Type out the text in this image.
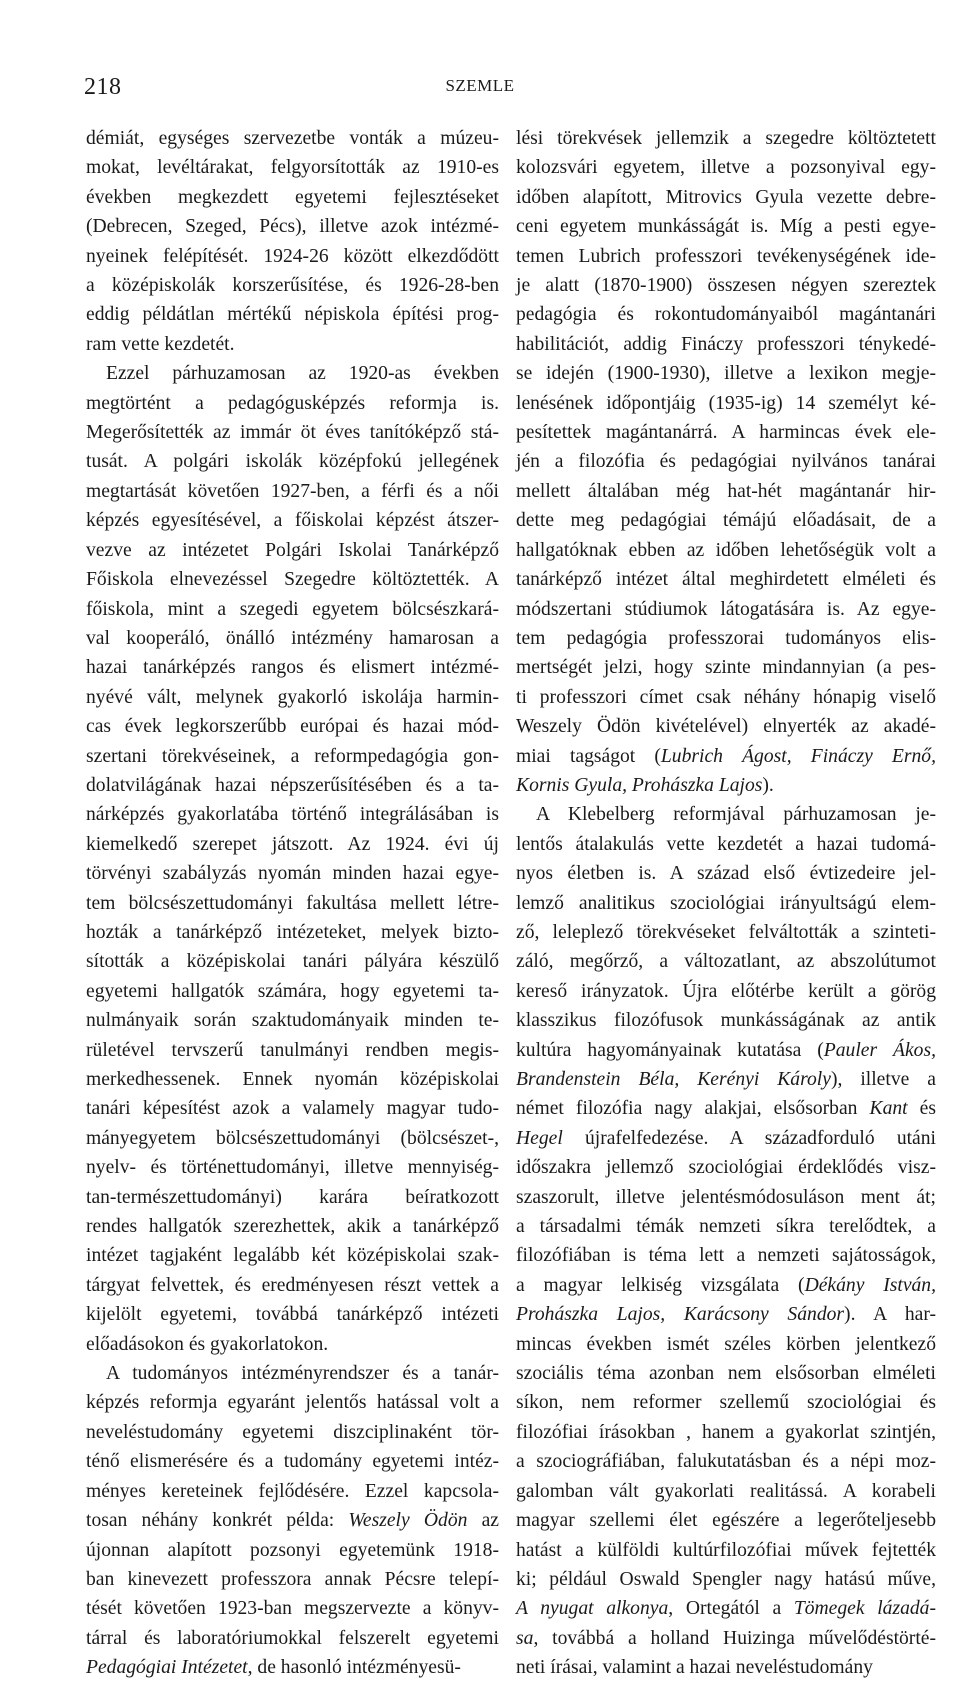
218	SZEMLE

démiát, egységes szervezetbe vonták a múzeu-
mokat, levéltárakat, felgyorsították az 1910-es
években megkezdett egyetemi fejlesztéseket
(Debrecen, Szeged, Pécs), illetve azok intézmé-
nyeinek felépítését. 1924-26 között elkezdődött
a középiskolák korszerűsítése, és 1926-28-ben
eddig példátlan mértékű népiskola építési prog-
ram vette kezdetét.

Ezzel párhuzamosan az 1920-as években
megtörtént a pedagógusképzés reformja is.
Megerősítették az immár öt éves tanítóképző stá-
tusát. A polgári iskolák középfokú jellegének
megtartását követően 1927-ben, a férfi és a női
képzés egyesítésével, a főiskolai képzést átszer-
vezve az intézetet Polgári Iskolai Tanárképző
Főiskola elnevezéssel Szegedre költöztették. A
főiskola, mint a szegedi egyetem bölcsészkará-
val kooperáló, önálló intézmény hamarosan a
hazai tanárképzés rangos és elismert intézmé-
nyévé vált, melynek gyakorló iskolája harmin-
cas évek legkorszerűbb európai és hazai mód-
szertani törekvéseinek, a reformpedagógia gon-
dolatvilágának hazai népszerűsítésében és a ta-
nárképzés gyakorlatába történő integrálásában is
kiemelkedő szerepet játszott. Az 1924. évi új
törvényi szabályzás nyomán minden hazai egye-
tem bölcsészettudományi fakultása mellett létre-
hozták a tanárképző intézeteket, melyek bizto-
sították a középiskolai tanári pályára készülő
egyetemi hallgatók számára, hogy egyetemi ta-
nulmányaik során szaktudományaik minden te-
rületével tervszerű tanulmányi rendben megis-
merkedhessenek. Ennek nyomán középiskolai
tanári képesítést azok a valamely magyar tudo-
mányegyetem bölcsészettudományi (bölcsészet-,
nyelv- és történettudományi, illetve mennyiség-
tan-természettudományi) karára beíratkozott
rendes hallgatók szerezhettek, akik a tanárképző
intézet tagjaként legalább két középiskolai szak-
tárgyat felvettek, és eredményesen részt vettek a
kijelölt egyetemi, továbbá tanárképző intézeti
előadásokon és gyakorlatokon.

A tudományos intézményrendszer és a tanár-
képzés reformja egyaránt jelentős hatással volt a
neveléstudomány egyetemi diszciplinaként tör-
ténő elismerésére és a tudomány egyetemi intéz-
ményes kereteinek fejlődésére. Ezzel kapcsola-
tosan néhány konkrét példa: Weszely Ödön az
újonnan alapított pozsonyi egyetemünk 1918-
ban kinevezett professzora annak Pécsre telepí-
tését követően 1923-ban megszervezte a könyv-
tárral és laboratóriumokkal felszerelt egyetemi
Pedagógiai Intézetet, de hasonló intézményesü-

lési törekvések jellemzik a szegedre költöztetett
kolozsvári egyetem, illetve a pozsonyival egy-
időben alapított, Mitrovics Gyula vezette debre-
ceni egyetem munkásságát is. Míg a pesti egye-
temen Lubrich professzori tevékenységének ide-
je alatt (1870-1900) összesen négyen szereztek
pedagógia és rokontudományaiból magántanári
habilitációt, addig Fináczy professzori ténykedé-
se idején (1900-1930), illetve a lexikon megje-
lenésének időpontjáig (1935-ig) 14 személyt ké-
pesítettek magántanárrá. A harmincas évek ele-
jén a filozófia és pedagógiai nyilvános tanárai
mellett általában még hat-hét magántanár hir-
dette meg pedagógiai témájú előadásait, de a
hallgatóknak ebben az időben lehetőségük volt a
tanárképző intézet által meghirdetett elméleti és
módszertani stúdiumok látogatására is. Az egye-
tem pedagógia professzorai tudományos elis-
mertségét jelzi, hogy szinte mindannyian (a pes-
ti professzori címet csak néhány hónapig viselő
Weszely Ödön kivételével) elnyerték az akadé-
miai tagságot (Lubrich Ágost, Fináczy Ernő,
Kornis Gyula, Prohászka Lajos).

A Klebelberg reformjával párhuzamosan je-
lentős átalakulás vette kezdetét a hazai tudomá-
nyos életben is. A század első évtizedeire jel-
lemző analitikus szociológiai irányultságú elem-
ző, leleplező törekvéseket felváltották a szinteti-
záló, megőrző, a változatlant, az abszolútumot
kereső irányzatok. Újra előtérbe került a görög
klasszikus filozófusok munkásságának az antik
kultúra hagyományainak kutatása (Pauler Ákos,
Brandenstein Béla, Kerényi Károly), illetve a
német filozófia nagy alakjai, elsősorban Kant és
Hegel újrafelfedezése. A századforduló utáni
időszakra jellemző szociológiai érdeklődés visz-
szaszorult, illetve jelentésmódosuláson ment át;
a társadalmi témák nemzeti síkra terelődtek, a
filozófiában is téma lett a nemzeti sajátosságok,
a magyar lelkiség vizsgálata (Dékány István,
Prohászka Lajos, Karácsony Sándor). A har-
mincas években ismét széles körben jelentkező
szociális téma azonban nem elsősorban elméleti
síkon, nem reformer szellemű szociológiai és
filozófiai írásokban , hanem a gyakorlat szintjén,
a szociográfiában, falukutatásban és a népi moz-
galomban vált gyakorlati realitássá. A korabeli
magyar szellemi élet egészére a legerőteljesebb
hatást a külföldi kultúrfilozófiai művek fejtették
ki; például Oswald Spengler nagy hatású műve,
A nyugat alkonya, Ortegától a Tömegek lázadá-
sa, továbbá a holland Huizinga művelődéstörté-
neti írásai, valamint a hazai neveléstudomány
